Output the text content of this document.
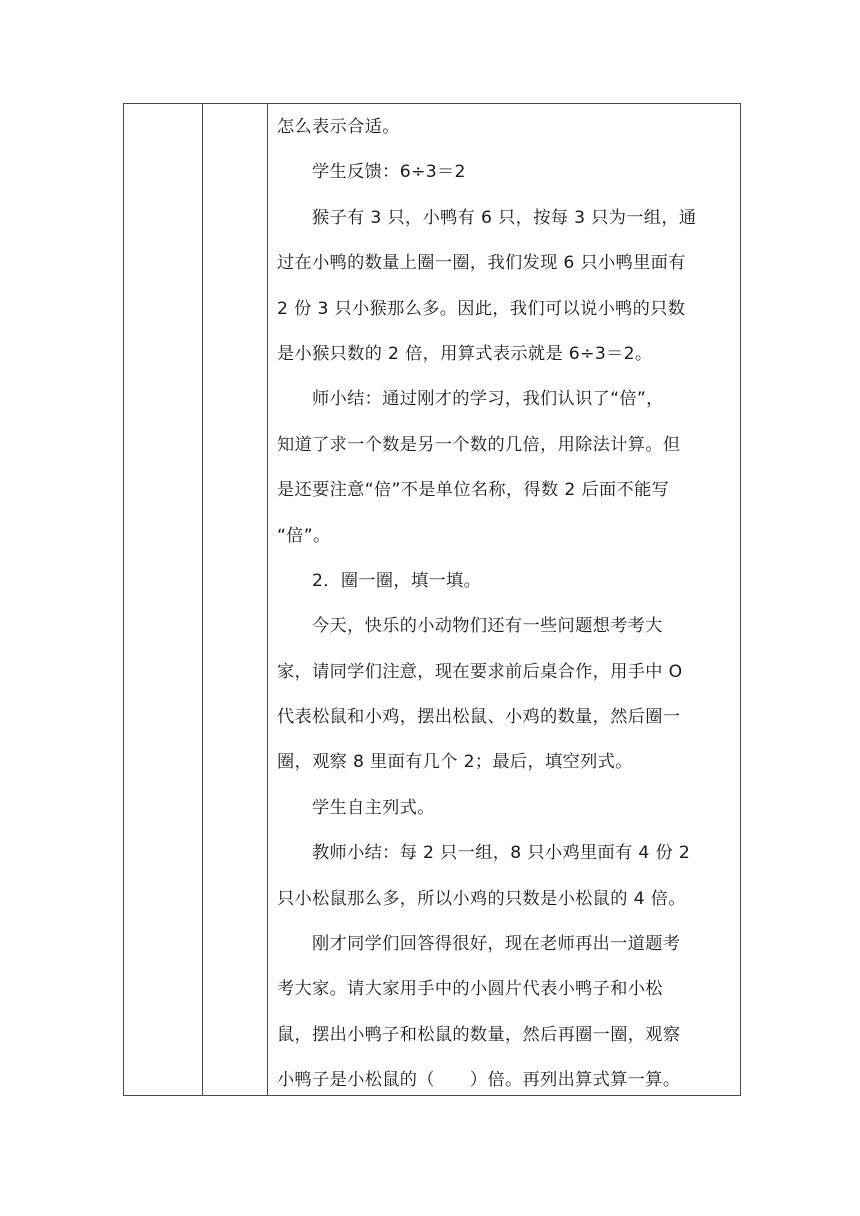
怎么表示合适。

学生反馈：6÷3＝2

猴子有 3 只，小鸭有 6 只，按每 3 只为一组，通

过在小鸭的数量上圈一圈，我们发现 6 只小鸭里面有

2 份 3 只小猴那么多。因此，我们可以说小鸭的只数

是小猴只数的 2 倍，用算式表示就是 6÷3＝2。

师小结：通过刚才的学习，我们认识了“倍”，

知道了求一个数是另一个数的几倍，用除法计算。但

是还要注意“倍”不是单位名称，得数 2 后面不能写

“倍”。

2．圈一圈，填一填。

今天，快乐的小动物们还有一些问题想考考大

家，请同学们注意，现在要求前后桌合作，用手中 O

代表松鼠和小鸡，摆出松鼠、小鸡的数量，然后圈一

圈，观察 8 里面有几个 2；最后，填空列式。

学生自主列式。

教师小结：每 2 只一组，8 只小鸡里面有 4 份 2

只小松鼠那么多，所以小鸡的只数是小松鼠的 4 倍。

刚才同学们回答得很好，现在老师再出一道题考

考大家。请大家用手中的小圆片代表小鸭子和小松

鼠，摆出小鸭子和松鼠的数量，然后再圈一圈，观察

小鸭子是小松鼠的（　　）倍。再列出算式算一算。
